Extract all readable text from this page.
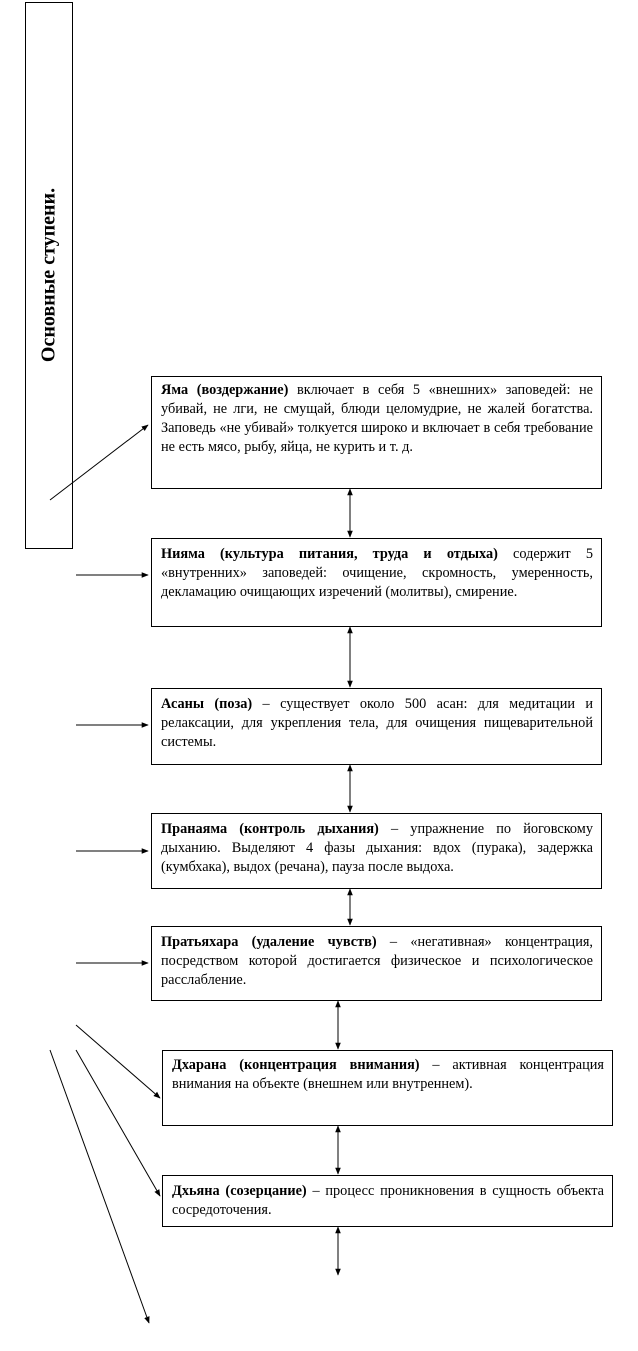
Основные ступени.
Яма (воздержание) включает в себя 5 «внешних» заповедей: не убивай, не лги, не смущай, блюди целомудрие, не жалей богатства. Заповедь «не убивай» толкуется широко и включает в себя требование не есть мясо, рыбу, яйца, не курить и т. д.
Нияма (культура питания, труда и отдыха) содержит 5 «внутренних» заповедей: очищение, скромность, умеренность, декламацию очищающих изречений (молитвы), смирение.
Асаны (поза) – существует около 500 асан: для медитации и релаксации, для укрепления тела, для очищения пищеварительной системы.
Пранаяма (контроль дыхания) – упражнение по йоговскому дыханию. Выделяют 4 фазы дыхания: вдох (пурака), задержка (кумбхака), выдох (речана), пауза после выдоха.
Пратьяхара (удаление чувств) – «негативная» концентрация, посредством которой достигается физическое и психологическое расслабление.
Дхарана (концентрация внимания) – активная концентрация внимания на объекте (внешнем или внутреннем).
Дхьяна (созерцание) – процесс проникновения в сущность объекта сосредоточения.
